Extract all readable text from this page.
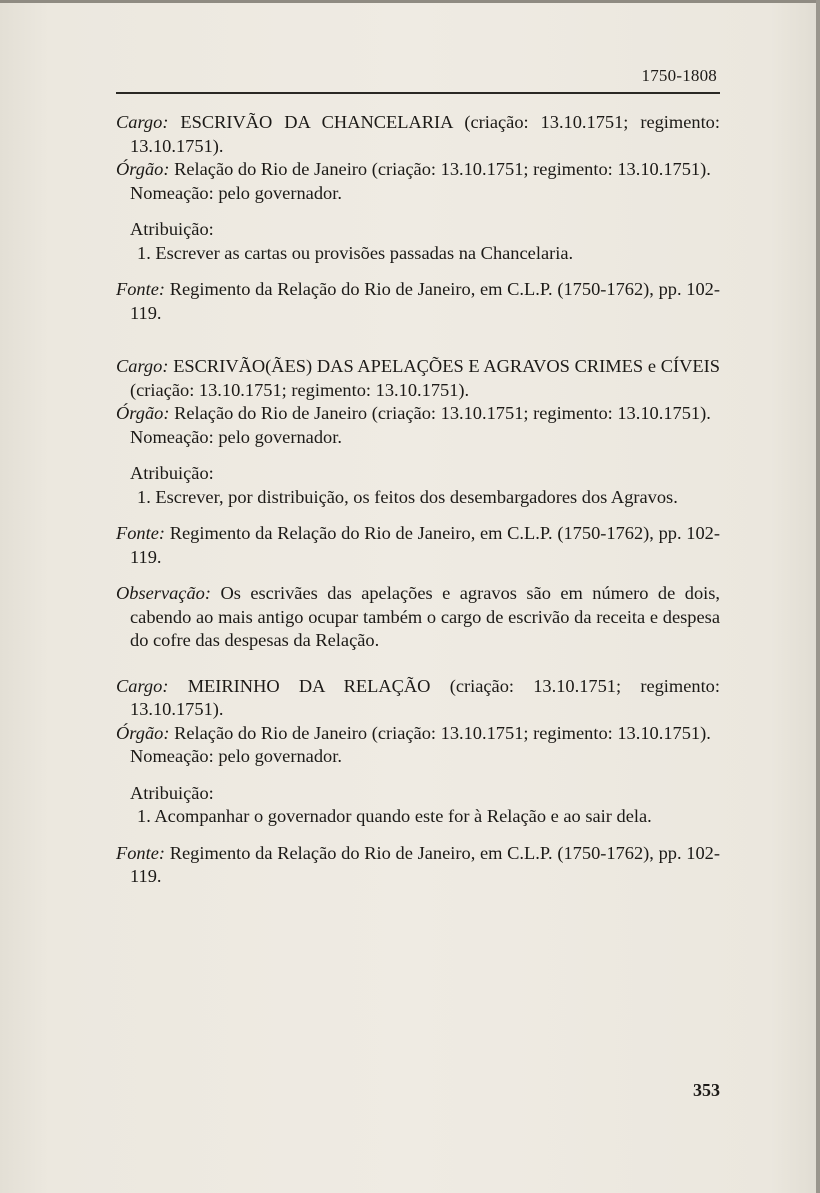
1750-1808

Cargo: ESCRIVÃO DA CHANCELARIA (criação: 13.10.1751; regimento: 13.10.1751).

Órgão: Relação do Rio de Janeiro (criação: 13.10.1751; regimento: 13.10.1751).

Nomeação: pelo governador.

Atribuição:

1. Escrever as cartas ou provisões passadas na Chancelaria.

Fonte: Regimento da Relação do Rio de Janeiro, em C.L.P. (1750-1762), pp. 102-119.

Cargo: ESCRIVÃO(ÃES) DAS APELAÇÕES E AGRAVOS CRIMES e CÍVEIS (criação: 13.10.1751; regimento: 13.10.1751).

Órgão: Relação do Rio de Janeiro (criação: 13.10.1751; regimento: 13.10.1751).

Nomeação: pelo governador.

Atribuição:

1. Escrever, por distribuição, os feitos dos desembargadores dos Agravos.

Fonte: Regimento da Relação do Rio de Janeiro, em C.L.P. (1750-1762), pp. 102-119.

Observação: Os escrivães das apelações e agravos são em número de dois, cabendo ao mais antigo ocupar também o cargo de escrivão da receita e despesa do cofre das despesas da Relação.

Cargo: MEIRINHO DA RELAÇÃO (criação: 13.10.1751; regimento: 13.10.1751).

Órgão: Relação do Rio de Janeiro (criação: 13.10.1751; regimento: 13.10.1751).

Nomeação: pelo governador.

Atribuição:

1. Acompanhar o governador quando este for à Relação e ao sair dela.

Fonte: Regimento da Relação do Rio de Janeiro, em C.L.P. (1750-1762), pp. 102-119.

353
